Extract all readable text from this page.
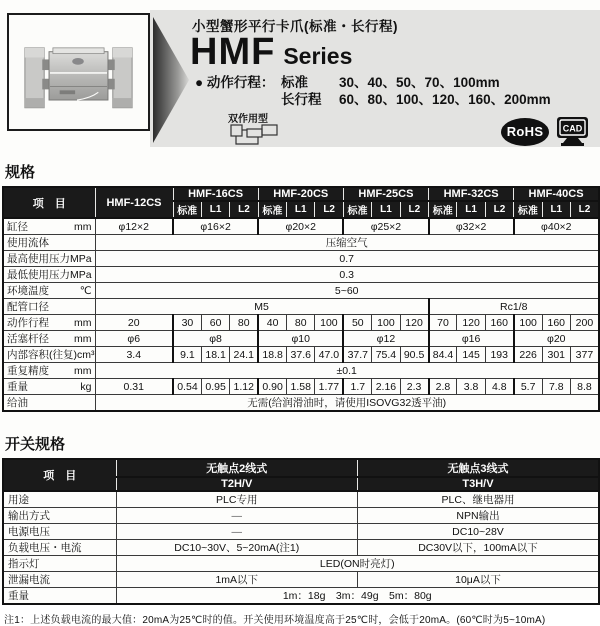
小型蟹形平行卡爪(标准・长行程)
HMF Series
● 动作行程： 标准	30、40、50、70、100mm
长行程	60、80、100、120、160、200mm
双作用型
RoHS	CAD
规格
项　目	HMF-12CS	HMF-16CS			HMF-20CS			HMF-25CS			HMF-32CS			HMF-40CS		
		标准	L1	L2	标准	L1	L2	标准	L1	L2	标准	L1	L2	标准	L1	L2

缸径 mm	φ12×2	φ16×2			φ20×2			φ25×2			φ32×2			φ40×2		

使用流体	压缩空气															

最高使用压力 MPa	0.7															

最低使用压力 MPa	0.3															

环境温度 ℃	5~60															

配管口径	M5										Rc1/8					

动作行程 mm	20	30	60	80	40	80	100	50	100	120	70	120	160	100	160	200

活塞杆径 mm	φ6	φ8			φ10			φ12			φ16			φ20		

内部容积(往复) cm³	3.4	9.1	18.1	24.1	18.8	37.6	47.0	37.7	75.4	90.5	84.4	145	193	226	301	377

重复精度 mm	±0.1															

重量 kg	0.31	0.54	0.95	1.12	0.90	1.58	1.77	1.7	2.16	2.3	2.8	3.8	4.8	5.7	7.8	8.8

给油	无需(给润滑油时，请使用ISOVG32透平油)															
开关规格
项　目	无触点2线式	无触点3线式
	T2H/V	T3H/V

用途	PLC专用	PLC、继电器用

输出方式	—	NPN输出

电源电压	—	DC10~28V

负载电压・电流	DC10~30V、5~20mA(注1)	DC30V以下，100mA以下

指示灯	LED(ON时亮灯)	

泄漏电流	1mA以下	10μA以下

重量	1m：18g　3m：49g　5m：80g	
注1：上述负载电流的最大值：20mA为25℃时的值。开关使用环境温度高于25℃时，会低于20mA。(60℃时为5~10mA)
